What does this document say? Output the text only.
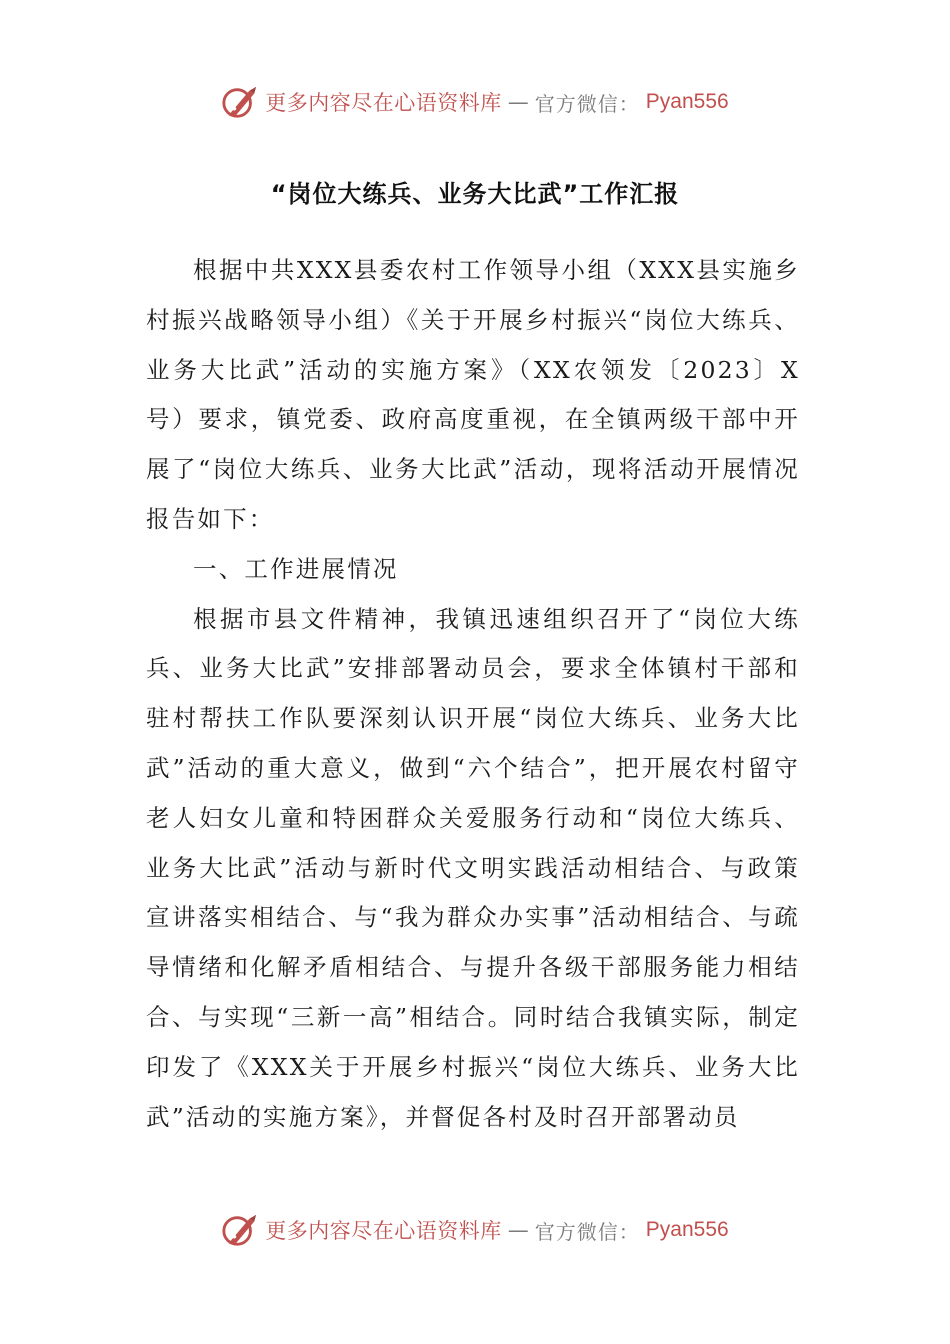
更多内容尽在心语资料库 — 官方微信： Pyan556
“岗位大练兵、业务大比武”工作汇报

根据中共XXX县委农村工作领导小组（XXX县实施乡村振兴战略领导小组）《关于开展乡村振兴“岗位大练兵、业务大比武”活动的实施方案》（XX农领发〔2023〕X号）要求，镇党委、政府高度重视，在全镇两级干部中开展了“岗位大练兵、业务大比武”活动，现将活动开展情况报告如下：

一、工作进展情况

根据市县文件精神，我镇迅速组织召开了“岗位大练兵、业务大比武”安排部署动员会，要求全体镇村干部和驻村帮扶工作队要深刻认识开展“岗位大练兵、业务大比武”活动的重大意义，做到“六个结合”，把开展农村留守老人妇女儿童和特困群众关爱服务行动和“岗位大练兵、业务大比武”活动与新时代文明实践活动相结合、与政策宣讲落实相结合、与“我为群众办实事”活动相结合、与疏导情绪和化解矛盾相结合、与提升各级干部服务能力相结合、与实现“三新一高”相结合。同时结合我镇实际，制定印发了《XXX关于开展乡村振兴“岗位大练兵、业务大比武”活动的实施方案》，并督促各村及时召开部署动员

更多内容尽在心语资料库 — 官方微信： Pyan556
